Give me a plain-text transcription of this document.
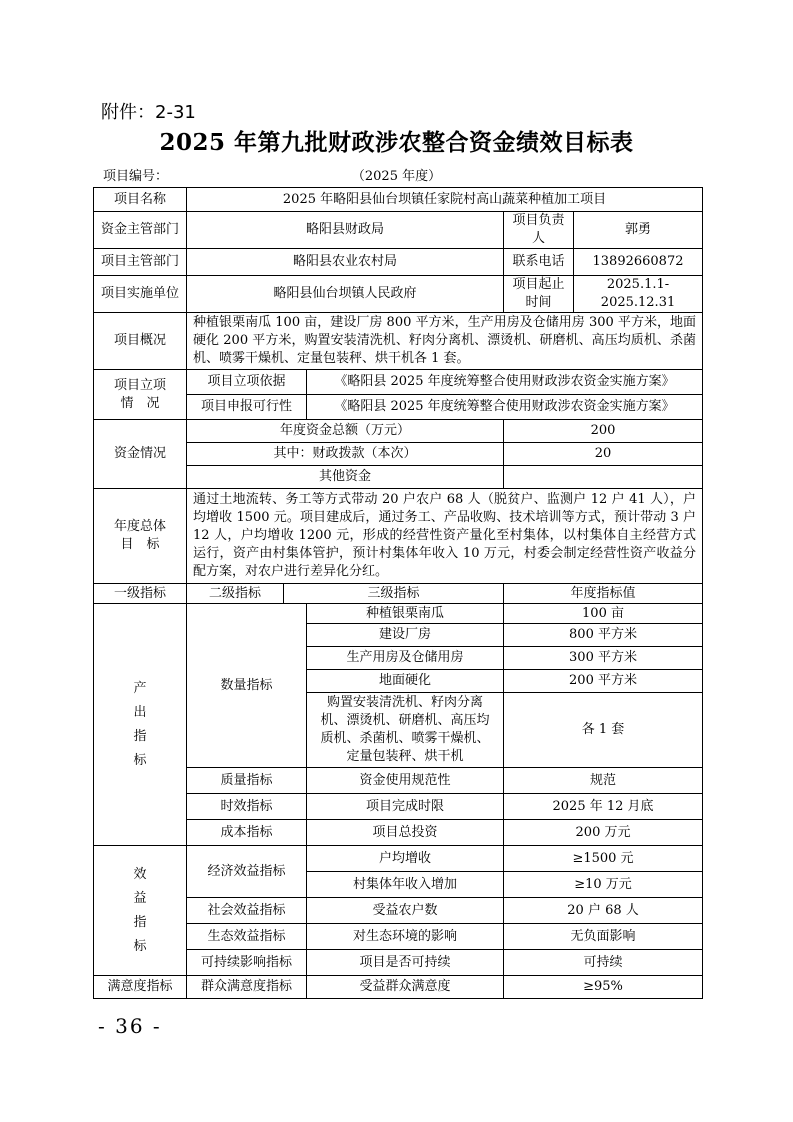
附件：2-31
2025 年第九批财政涉农整合资金绩效目标表
项目编号：	（2025 年度）
项目名称	2025 年略阳县仙台坝镇任家院村高山蔬菜种植加工项目				
资金主管部门	略阳县财政局			项目负责人	郭勇
项目主管部门	略阳县农业农村局			联系电话	13892660872
项目实施单位	略阳县仙台坝镇人民政府			项目起止时间	2025.1.1-2025.12.31
项目概况	种植银栗南瓜 100 亩，建设厂房 800 平方米，生产用房及仓储用房 300 平方米，地面硬化 200 平方米，购置安装清洗机、籽肉分离机、漂烫机、研磨机、高压均质机、杀菌机、喷雾干燥机、定量包装秤、烘干机各 1 套。				

项目立项
情　况	项目立项依据		《略阳县 2025 年度统筹整合使用财政涉农资金实施方案》		
	项目申报可行性		《略阳县 2025 年度统筹整合使用财政涉农资金实施方案》		
资金情况	年度资金总额（万元）			200	
	其中：财政拨款（本次）			20	
	其他资金				

年度总体
目　标	通过土地流转、务工等方式带动 20 户农户 68 人（脱贫户、监测户 12 户 41 人），户均增收 1500 元。项目建成后，通过务工、产品收购、技术培训等方式，预计带动 3 户 12 人，户均增收 1200 元，形成的经营性资产量化至村集体，以村集体自主经营方式运行，资产由村集体管护，预计村集体年收入 10 万元，村委会制定经营性资产收益分配方案，对农户进行差异化分红。				
一级指标	二级指标	三级指标		年度指标值	

产
出
指
标	数量指标		种植银栗南瓜	100 亩	
			建设厂房	800 平方米	
			生产用房及仓储用房	300 平方米	
			地面硬化	200 平方米	
			购置安装清洗机、籽肉分离机、漂烫机、研磨机、高压均质机、杀菌机、喷雾干燥机、定量包装秤、烘干机	各 1 套	
	质量指标		资金使用规范性	规范	
	时效指标		项目完成时限	2025 年 12 月底	
	成本指标		项目总投资	200 万元	

效
益
指
标	经济效益指标		户均增收	≥1500 元	
			村集体年收入增加	≥10 万元	
	社会效益指标		受益农户数	20 户 68 人	
	生态效益指标		对生态环境的影响	无负面影响	
	可持续影响指标		项目是否可持续	可持续	
满意度指标	群众满意度指标		受益群众满意度	≥95%	
- 36 -
